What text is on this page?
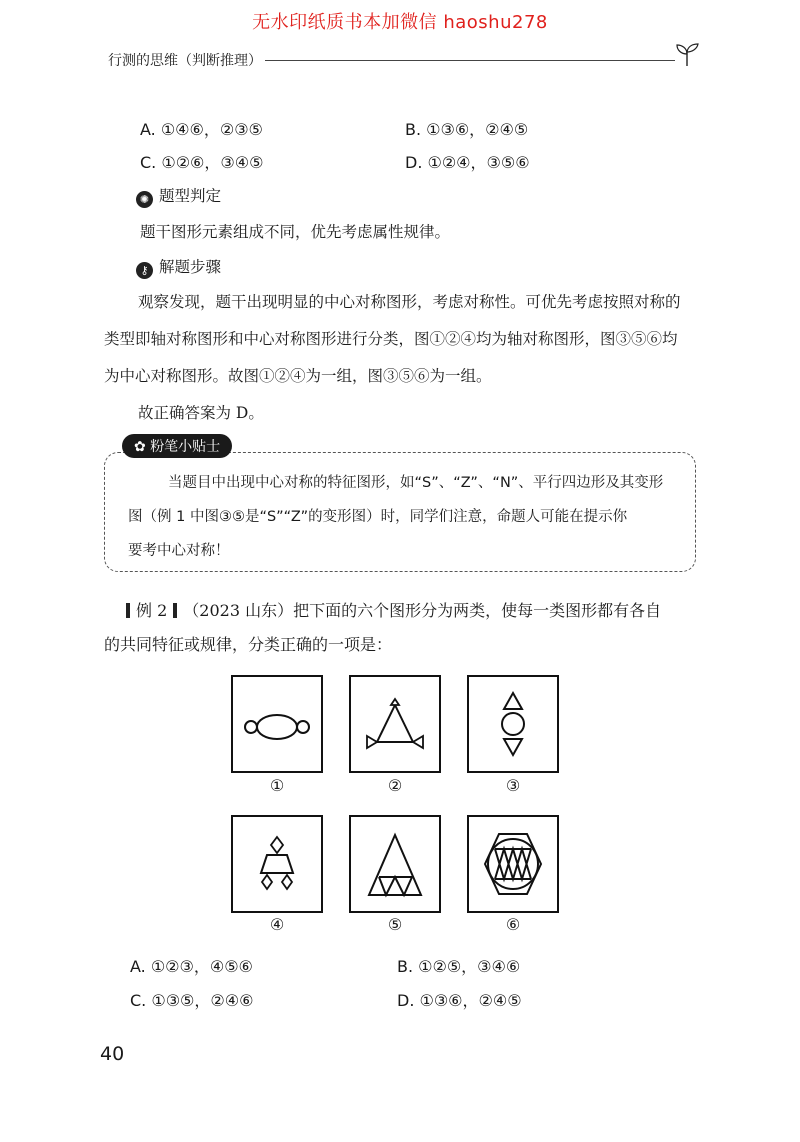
无水印纸质书本加微信 haoshu278
行测的思维（判断推理）
A. ①④⑥，②③⑤	B. ①③⑥，②④⑤
C. ①②⑥，③④⑤	D. ①②④，③⑤⑥
✺ 题型判定
题干图形元素组成不同，优先考虑属性规律。
⚷ 解题步骤
观察发现，题干出现明显的中心对称图形，考虑对称性。可优先考虑按照对称的
类型即轴对称图形和中心对称图形进行分类，图①②④均为轴对称图形，图③⑤⑥均
为中心对称图形。故图①②④为一组，图③⑤⑥为一组。
故正确答案为 D。
✿ 粉笔小贴士
当题目中出现中心对称的特征图形，如“S”、“Z”、“N”、平行四边形及其变形
图（例 1 中图③⑤是“S”“Z”的变形图）时，同学们注意，命题人可能在提示你
要考中心对称！
例 2 （2023 山东）把下面的六个图形分为两类，使每一类图形都有各自
的共同特征或规律，分类正确的一项是：
①	②	③
④	⑤	⑥
A. ①②③，④⑤⑥	B. ①②⑤，③④⑥
C. ①③⑤，②④⑥	D. ①③⑥，②④⑤
40
